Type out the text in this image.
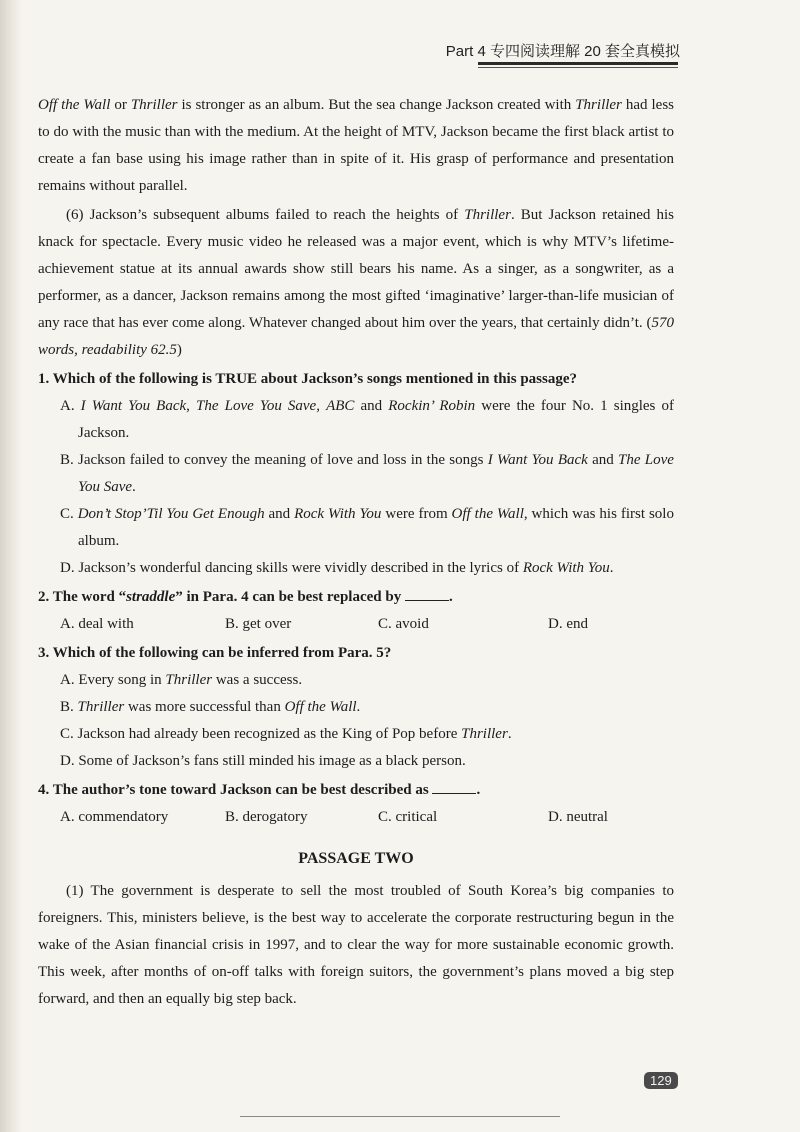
Part 4 专四阅读理解 20 套全真模拟

Off the Wall or Thriller is stronger as an album. But the sea change Jackson created with Thriller had less to do with the music than with the medium. At the height of MTV, Jackson became the first black artist to create a fan base using his image rather than in spite of it. His grasp of performance and presentation remains without parallel.

(6) Jackson’s subsequent albums failed to reach the heights of Thriller. But Jackson retained his knack for spectacle. Every music video he released was a major event, which is why MTV’s lifetime-achievement statue at its annual awards show still bears his name. As a singer, as a songwriter, as a performer, as a dancer, Jackson remains among the most gifted ‘imaginative’ larger-than-life musician of any race that has ever come along. Whatever changed about him over the years, that certainly didn’t. (570 words, readability 62.5)

1. Which of the following is TRUE about Jackson’s songs mentioned in this passage?

A. I Want You Back, The Love You Save, ABC and Rockin’ Robin were the four No. 1 singles of Jackson.

B. Jackson failed to convey the meaning of love and loss in the songs I Want You Back and The Love You Save.

C. Don’t Stop’Til You Get Enough and Rock With You were from Off the Wall, which was his first solo album.

D. Jackson’s wonderful dancing skills were vividly described in the lyrics of Rock With You.

2. The word “straddle” in Para. 4 can be best replaced by	.

A. deal with	B. get over	C. avoid	D. end

3. Which of the following can be inferred from Para. 5?

A. Every song in Thriller was a success.

B. Thriller was more successful than Off the Wall.

C. Jackson had already been recognized as the King of Pop before Thriller.

D. Some of Jackson’s fans still minded his image as a black person.

4. The author’s tone toward Jackson can be best described as	.

A. commendatory	B. derogatory	C. critical	D. neutral
PASSAGE TWO

(1) The government is desperate to sell the most troubled of South Korea’s big companies to foreigners. This, ministers believe, is the best way to accelerate the corporate restructuring begun in the wake of the Asian financial crisis in 1997, and to clear the way for more sustainable economic growth. This week, after months of on-off talks with foreign suitors, the government’s plans moved a big step forward, and then an equally big step back.

129
